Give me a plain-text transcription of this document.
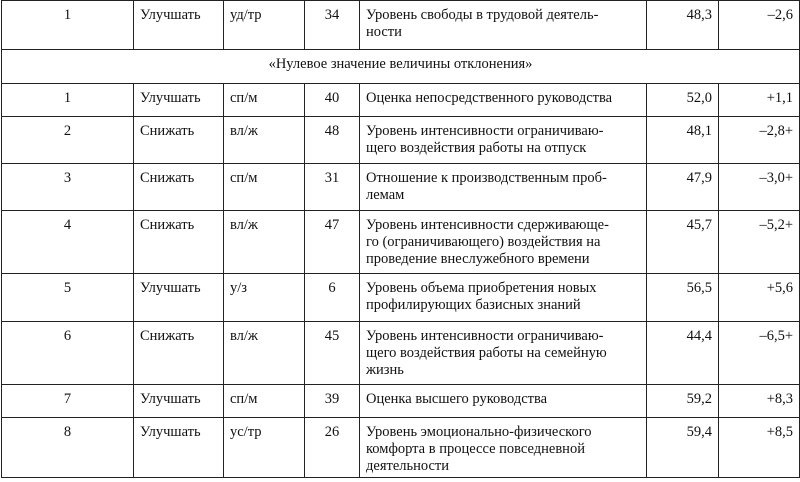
1	Улучшать	уд/тр	34	Уровень свободы в трудовой деятель-
ности	48,3	–2,6
«Нулевое значение величины отклонения»						
1	Улучшать	сп/м	40	Оценка непосредственного руководства	52,0	+1,1
2	Снижать	вл/ж	48	Уровень интенсивности ограничиваю-
щего воздействия работы на отпуск	48,1	–2,8+
3	Снижать	сп/м	31	Отношение к производственным проб-
лемам	47,9	–3,0+
4	Снижать	вл/ж	47	Уровень интенсивности сдерживающе-
го (ограничивающего) воздействия на
проведение внеслужебного времени	45,7	–5,2+
5	Улучшать	у/з	6	Уровень объема приобретения новых
профилирующих базисных знаний	56,5	+5,6
6	Снижать	вл/ж	45	Уровень интенсивности ограничиваю-
щего воздействия работы на семейную
жизнь	44,4	–6,5+
7	Улучшать	сп/м	39	Оценка высшего руководства	59,2	+8,3
8	Улучшать	ус/тр	26	Уровень эмоционально-физического
комфорта в процессе повседневной
деятельности	59,4	+8,5
